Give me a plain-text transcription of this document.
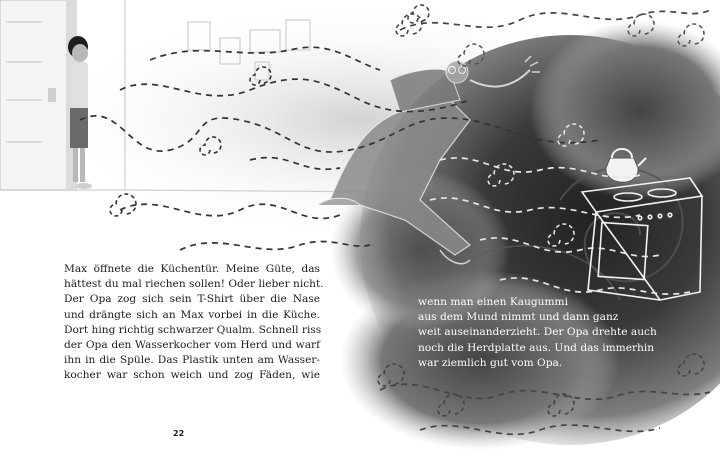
Max öffnete die Küchentür. Meine Güte, das
hättest du mal riechen sollen! Oder lieber nicht.
Der Opa zog sich sein T-Shirt über die Nase
und drängte sich an Max vorbei in die Küche.
Dort hing richtig schwarzer Qualm. Schnell riss
der Opa den Wasserkocher vom Herd und warf
ihn in die Spüle. Das Plastik unten am Wasser-
kocher war schon weich und zog Fäden, wie
wenn man einen Kaugummi
aus dem Mund nimmt und dann ganz
weit auseinanderzieht. Der Opa drehte auch
noch die Herdplatte aus. Und das immerhin
war ziemlich gut vom Opa.
22
